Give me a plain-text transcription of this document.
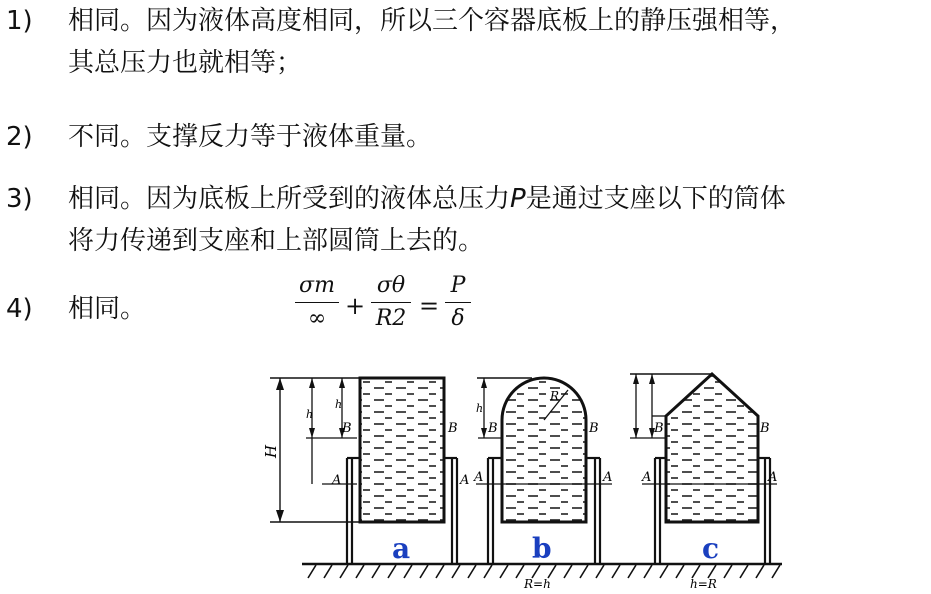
1) 相同。因为液体高度相同，所以三个容器底板上的静压强相等，
其总压力也就相等；
2) 不同。支撑反力等于液体重量。
3) 相同。因为底板上所受到的液体总压力P是通过支座以下的筒体
将力传递到支座和上部圆筒上去的。
4) 相同。
σm
∞ +
σθ
R2 =
P
δ
H
h
h
A	A
B	B
a
h
R
A	A
B	B
b
A	A
B	B
c
R=h	h=R
